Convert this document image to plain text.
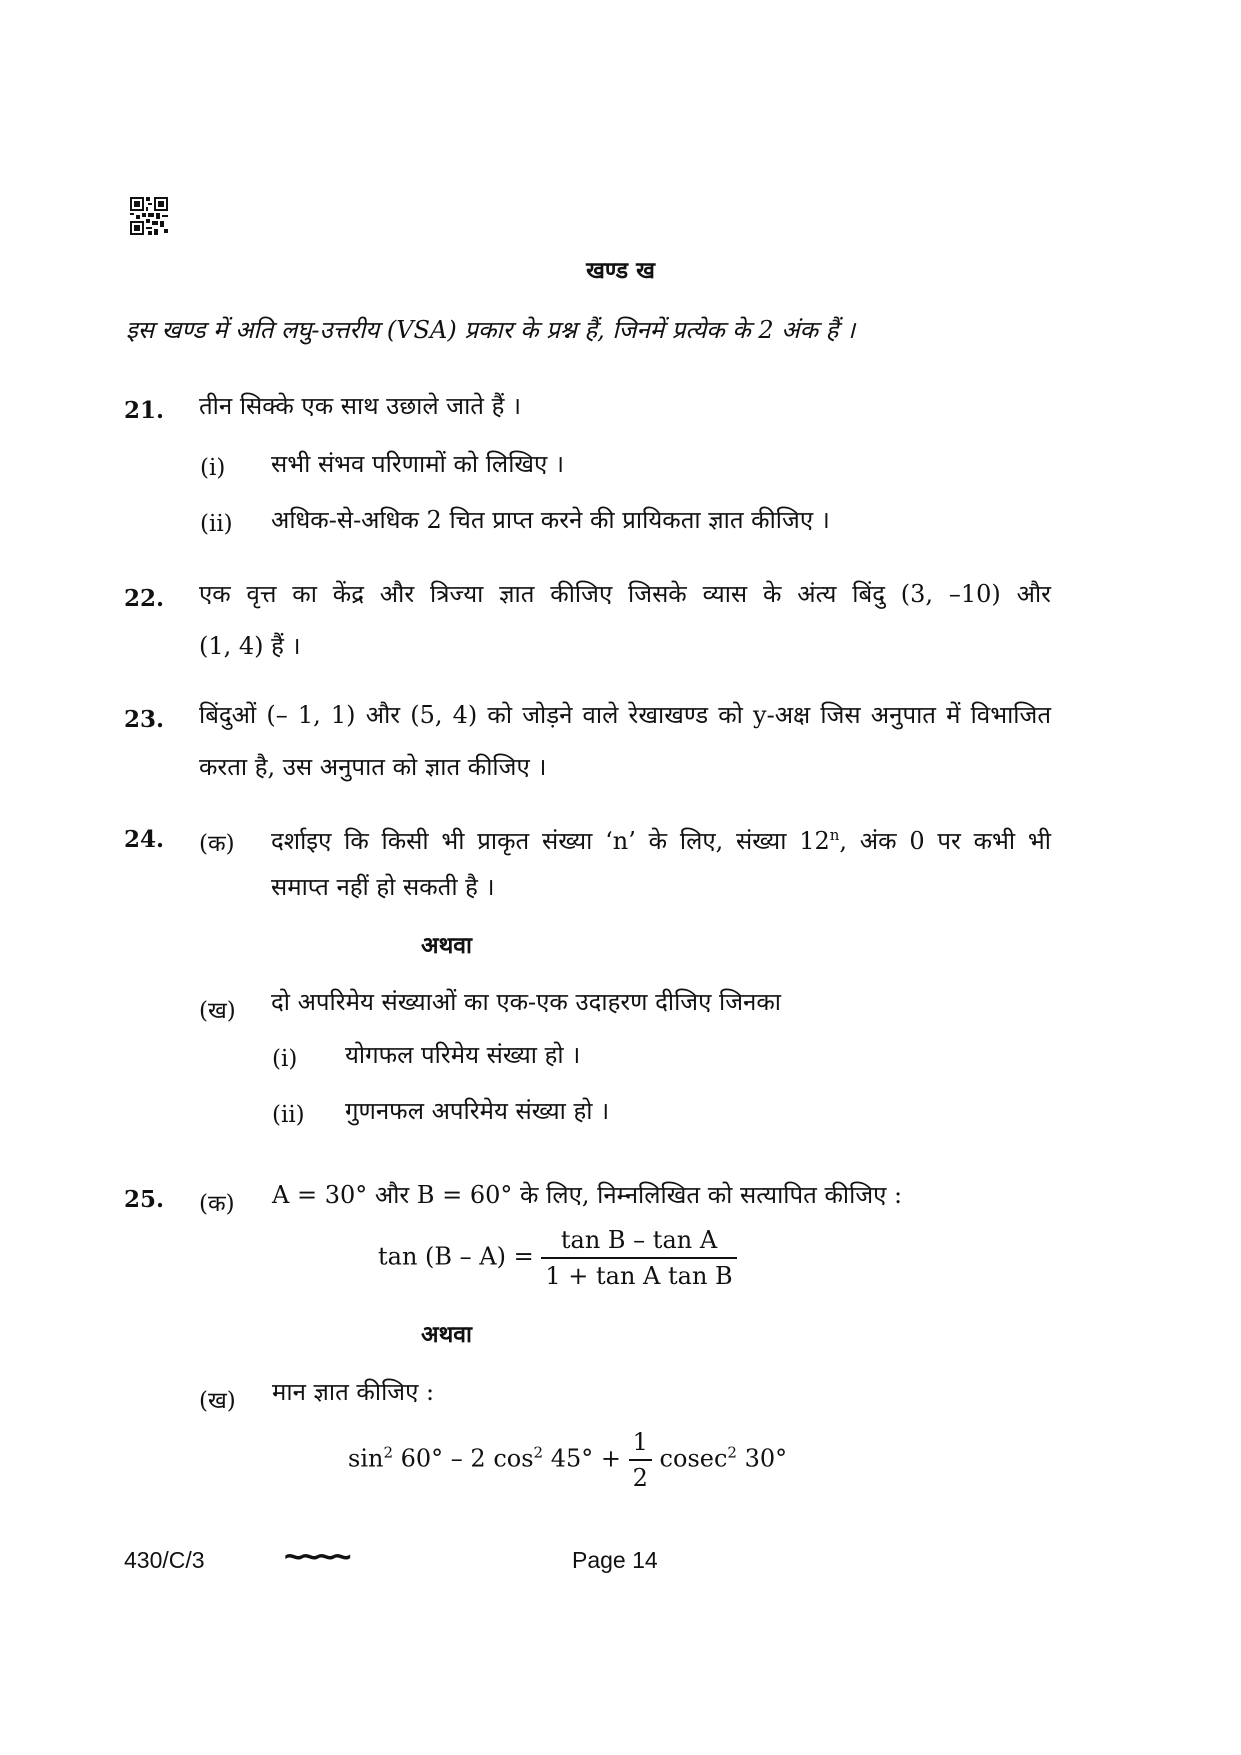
खण्ड ख
इस खण्ड में अति लघु-उत्तरीय (VSA) प्रकार के प्रश्न हैं, जिनमें प्रत्येक के 2 अंक हैं ।
21. तीन सिक्के एक साथ उछाले जाते हैं ।
(i) सभी संभव परिणामों को लिखिए ।
(ii) अधिक-से-अधिक 2 चित प्राप्त करने की प्रायिकता ज्ञात कीजिए ।
22. एक वृत्त का केंद्र और त्रिज्या ज्ञात कीजिए जिसके व्यास के अंत्य बिंदु (3, –10) और
(1, 4) हैं ।
23. बिंदुओं (– 1, 1) और (5, 4) को जोड़ने वाले रेखाखण्ड को y-अक्ष जिस अनुपात में विभाजित
करता है, उस अनुपात को ज्ञात कीजिए ।
24. (क) दर्शाइए कि किसी भी प्राकृत संख्या ‘n’ के लिए, संख्या 12$^n$, अंक 0 पर कभी भी
समाप्त नहीं हो सकती है ।
अथवा
(ख) दो अपरिमेय संख्याओं का एक-एक उदाहरण दीजिए जिनका
(i) योगफल परिमेय संख्या हो ।
(ii) गुणनफल अपरिमेय संख्या हो ।
25. (क) A = 30° और B = 60° के लिए, निम्नलिखित को सत्यापित कीजिए :
$\tan (B - A) = \frac{\text{tan B – tan A}}{\text{1 + tan A tan B}}$
अथवा
(ख) मान ज्ञात कीजिए :
$\sin^2 60^\circ - 2$ $\cos^2 45^\circ + \frac{1}{2} cosec^2$ 30°
430/C/3 ~~~~	Page 14
